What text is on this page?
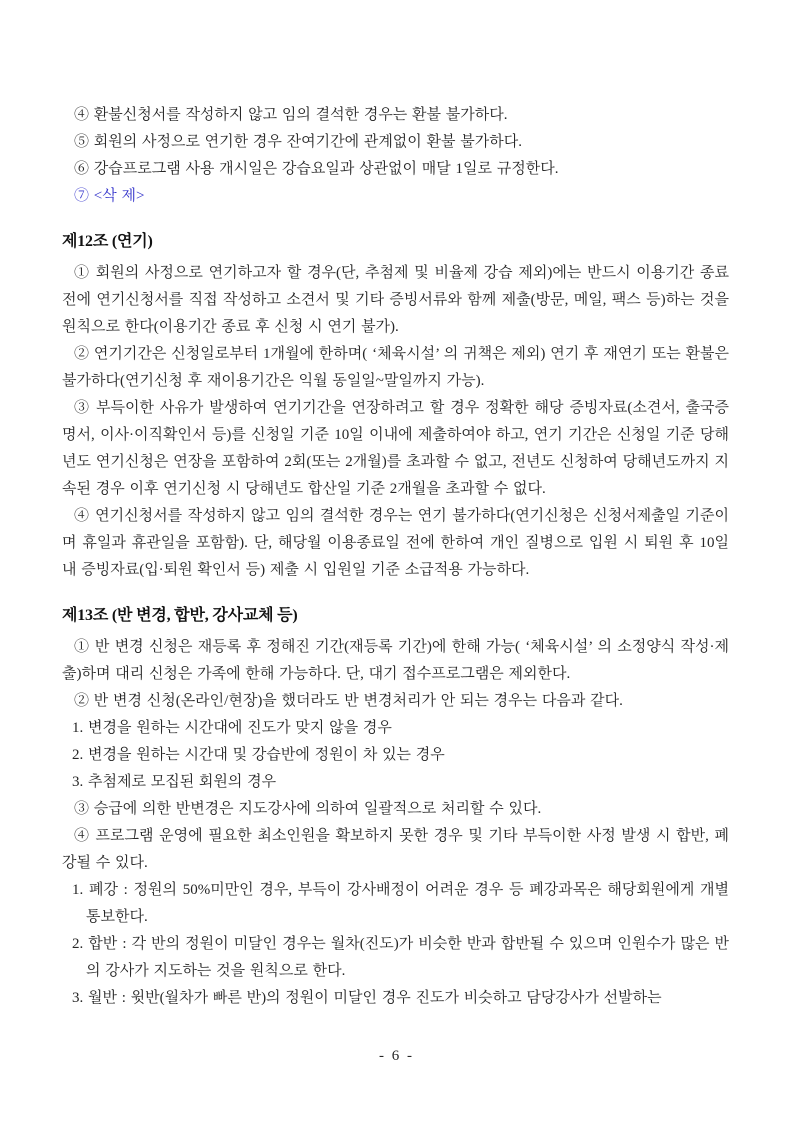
④ 환불신청서를 작성하지 않고 임의 결석한 경우는 환불 불가하다.

⑤ 회원의 사정으로 연기한 경우 잔여기간에 관계없이 환불 불가하다.

⑥ 강습프로그램 사용 개시일은 강습요일과 상관없이 매달 1일로 규정한다.

⑦ <삭 제>

제12조 (연기)

① 회원의 사정으로 연기하고자 할 경우(단, 추첨제 및 비율제 강습 제외)에는 반드시 이용기간 종료 전에 연기신청서를 직접 작성하고 소견서 및 기타 증빙서류와 함께 제출(방문, 메일, 팩스 등)하는 것을 원칙으로 한다(이용기간 종료 후 신청 시 연기 불가).

② 연기기간은 신청일로부터 1개월에 한하며( ‘체육시설’ 의 귀책은 제외) 연기 후 재연기 또는 환불은 불가하다(연기신청 후 재이용기간은 익월 동일일~말일까지 가능).

③ 부득이한 사유가 발생하여 연기기간을 연장하려고 할 경우 정확한 해당 증빙자료(소견서, 출국증명서, 이사·이직확인서 등)를 신청일 기준 10일 이내에 제출하여야 하고, 연기 기간은 신청일 기준 당해년도 연기신청은 연장을 포함하여 2회(또는 2개월)를 초과할 수 없고, 전년도 신청하여 당해년도까지 지속된 경우 이후 연기신청 시 당해년도 합산일 기준 2개월을 초과할 수 없다.

④ 연기신청서를 작성하지 않고 임의 결석한 경우는 연기 불가하다(연기신청은 신청서제출일 기준이며 휴일과 휴관일을 포함함). 단, 해당월 이용종료일 전에 한하여 개인 질병으로 입원 시 퇴원 후 10일 내 증빙자료(입·퇴원 확인서 등) 제출 시 입원일 기준 소급적용 가능하다.

제13조 (반 변경, 합반, 강사교체 등)

① 반 변경 신청은 재등록 후 정해진 기간(재등록 기간)에 한해 가능( ‘체육시설’ 의 소정양식 작성·제출)하며 대리 신청은 가족에 한해 가능하다. 단, 대기 접수프로그램은 제외한다.

② 반 변경 신청(온라인/현장)을 했더라도 반 변경처리가 안 되는 경우는 다음과 같다.

1. 변경을 원하는 시간대에 진도가 맞지 않을 경우

2. 변경을 원하는 시간대 및 강습반에 정원이 차 있는 경우

3. 추첨제로 모집된 회원의 경우

③ 승급에 의한 반변경은 지도강사에 의하여 일괄적으로 처리할 수 있다.

④ 프로그램 운영에 필요한 최소인원을 확보하지 못한 경우 및 기타 부득이한 사정 발생 시 합반, 폐강될 수 있다.

1. 폐강 : 정원의 50%미만인 경우, 부득이 강사배정이 어려운 경우 등 폐강과목은 해당회원에게 개별 통보한다.

2. 합반 : 각 반의 정원이 미달인 경우는 월차(진도)가 비슷한 반과 합반될 수 있으며 인원수가 많은 반의 강사가 지도하는 것을 원칙으로 한다.

3. 월반 : 윗반(월차가 빠른 반)의 정원이 미달인 경우 진도가 비슷하고 담당강사가 선발하는

- 6 -
